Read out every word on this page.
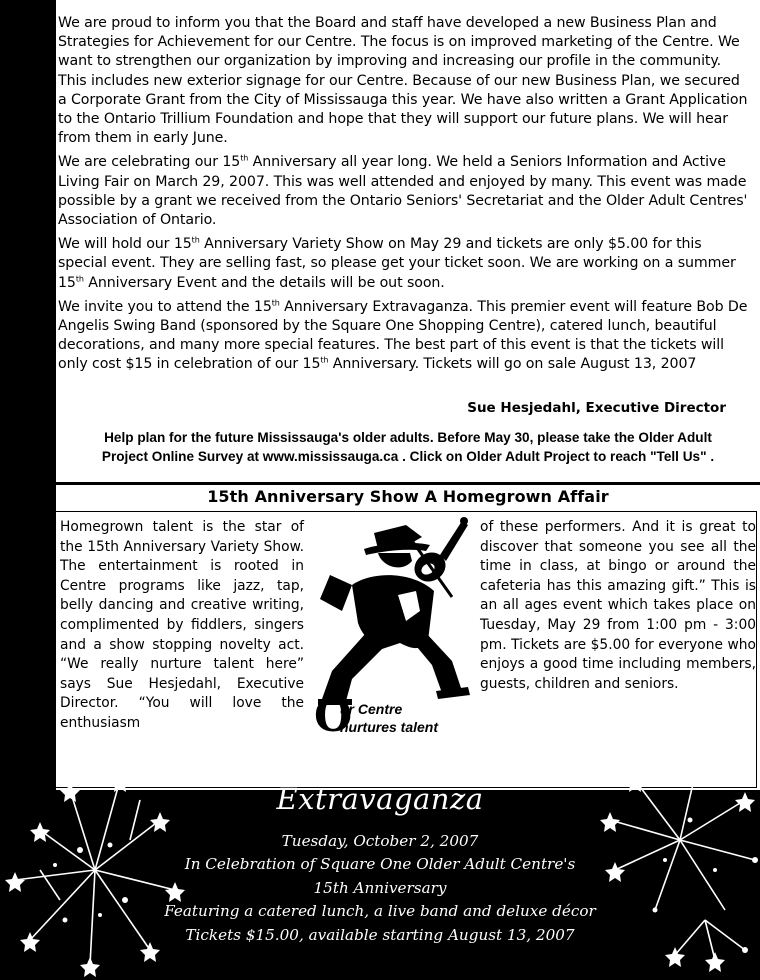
We are proud to inform you that the Board and staff have developed a new Business Plan and Strategies for Achievement for our Centre. The focus is on improved marketing of the Centre. We want to strengthen our organization by improving and increasing our profile in the community. This includes new exterior signage for our Centre. Because of our new Business Plan, we secured a Corporate Grant from the City of Mississauga this year. We have also written a Grant Application to the Ontario Trillium Foundation and hope that they will support our future plans. We will hear from them in early June.

We are celebrating our 15th Anniversary all year long. We held a Seniors Information and Active Living Fair on March 29, 2007. This was well attended and enjoyed by many. This event was made possible by a grant we received from the Ontario Seniors' Secretariat and the Older Adult Centres' Association of Ontario.

We will hold our 15th Anniversary Variety Show on May 29 and tickets are only $5.00 for this special event. They are selling fast, so please get your ticket soon. We are working on a summer 15th Anniversary Event and the details will be out soon.

We invite you to attend the 15th Anniversary Extravaganza. This premier event will feature Bob De Angelis Swing Band (sponsored by the Square One Shopping Centre), catered lunch, beautiful decorations, and many more special features. The best part of this event is that the tickets will only cost $15 in celebration of our 15th Anniversary. Tickets will go on sale August 13, 2007

Sue Hesjedahl, Executive Director
Help plan for the future Mississauga's older adults. Before May 30, please take the Older Adult
Project Online Survey at www.mississauga.ca . Click on Older Adult Project to reach "Tell Us" .
15th Anniversary Show A Homegrown Affair

Homegrown talent is the star of the 15th Anniversary Variety Show. The entertainment is rooted in Centre programs like jazz, tap, belly dancing and creative writing, complimented by fiddlers, singers and a show stopping novelty act. “We really nurture talent here” says Sue Hesjedahl, Executive Director. “You will love the enthusiasm	O
ur Centre
nurtures talent

of these performers. And it is great to discover that someone you see all the time in class, at bingo or around the cafeteria has this amazing gift.” This is an all ages event which takes place on Tuesday, May 29 from 1:00 pm - 3:00 pm. Tickets are $5.00 for everyone who enjoys a good time including members, guests, children and seniors.

Extravaganza
Tuesday, October 2, 2007
In Celebration of Square One Older Adult Centre's
15th Anniversary
Featuring a catered lunch, a live band and deluxe décor
Tickets $15.00, available starting August 13, 2007
